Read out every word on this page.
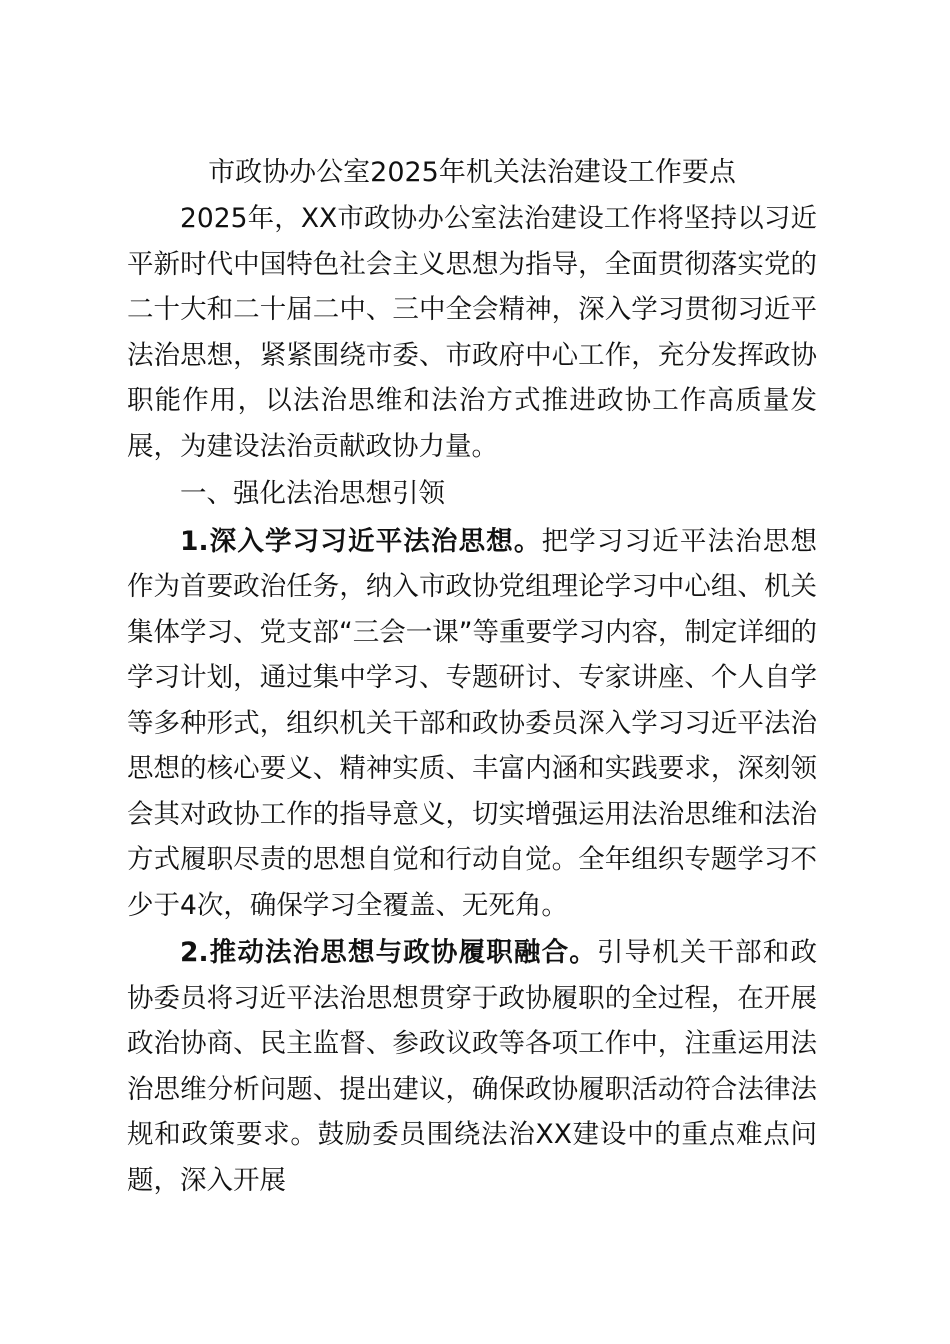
市政协办公室2025年机关法治建设工作要点

2025年，XX市政协办公室法治建设工作将坚持以习近平新时代中国特色社会主义思想为指导，全面贯彻落实党的二十大和二十届二中、三中全会精神，深入学习贯彻习近平法治思想，紧紧围绕市委、市政府中心工作，充分发挥政协职能作用，以法治思维和法治方式推进政协工作高质量发展，为建设法治贡献政协力量。

一、强化法治思想引领

1.深入学习习近平法治思想。把学习习近平法治思想作为首要政治任务，纳入市政协党组理论学习中心组、机关集体学习、党支部“三会一课”等重要学习内容，制定详细的学习计划，通过集中学习、专题研讨、专家讲座、个人自学等多种形式，组织机关干部和政协委员深入学习习近平法治思想的核心要义、精神实质、丰富内涵和实践要求，深刻领会其对政协工作的指导意义，切实增强运用法治思维和法治方式履职尽责的思想自觉和行动自觉。全年组织专题学习不少于4次，确保学习全覆盖、无死角。

2.推动法治思想与政协履职融合。引导机关干部和政协委员将习近平法治思想贯穿于政协履职的全过程，在开展政治协商、民主监督、参政议政等各项工作中，注重运用法治思维分析问题、提出建议，确保政协履职活动符合法律法规和政策要求。鼓励委员围绕法治XX建设中的重点难点问题，深入开展
